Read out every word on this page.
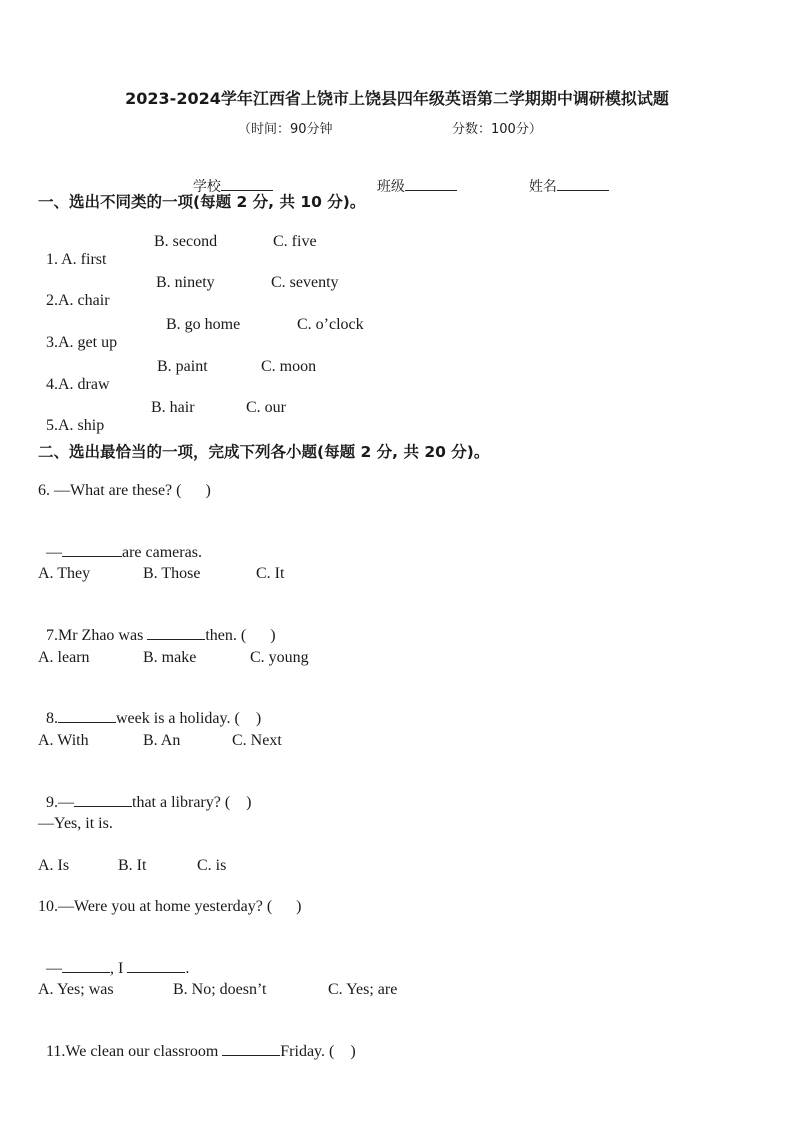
2023-2024学年江西省上饶市上饶县四年级英语第二学期期中调研模拟试题
（时间：90分钟	分数：100分）

学校	班级	姓名

一、选出不同类的一项(每题 2 分, 共 10 分)。

1. A. first

B. second	C. five

2.A. chair

B. ninety	C. seventy

3.A. get up

B. go home	C. o’clock

4.A. draw

B. paint	C. moon

5.A. ship

B. hair	C. our
二、选出最恰当的一项，完成下列各小题(每题 2 分, 共 20 分)。
6. —What are these? (      )

—	are cameras.

A. They	B. Those	C. It

7.Mr Zhao was	then. (      )

A. learn	B. make	C. young

8.	week is a holiday. (    )

A. With	B. An	C. Next

9.—	that a library? (    )

—Yes, it is.
A. Is	B. It	C. is
10.—Were you at home yesterday? (      )

—	, I	.

A. Yes; was	B. No; doesn’t	C. Yes; are

11.We clean our classroom	Friday. (    )
